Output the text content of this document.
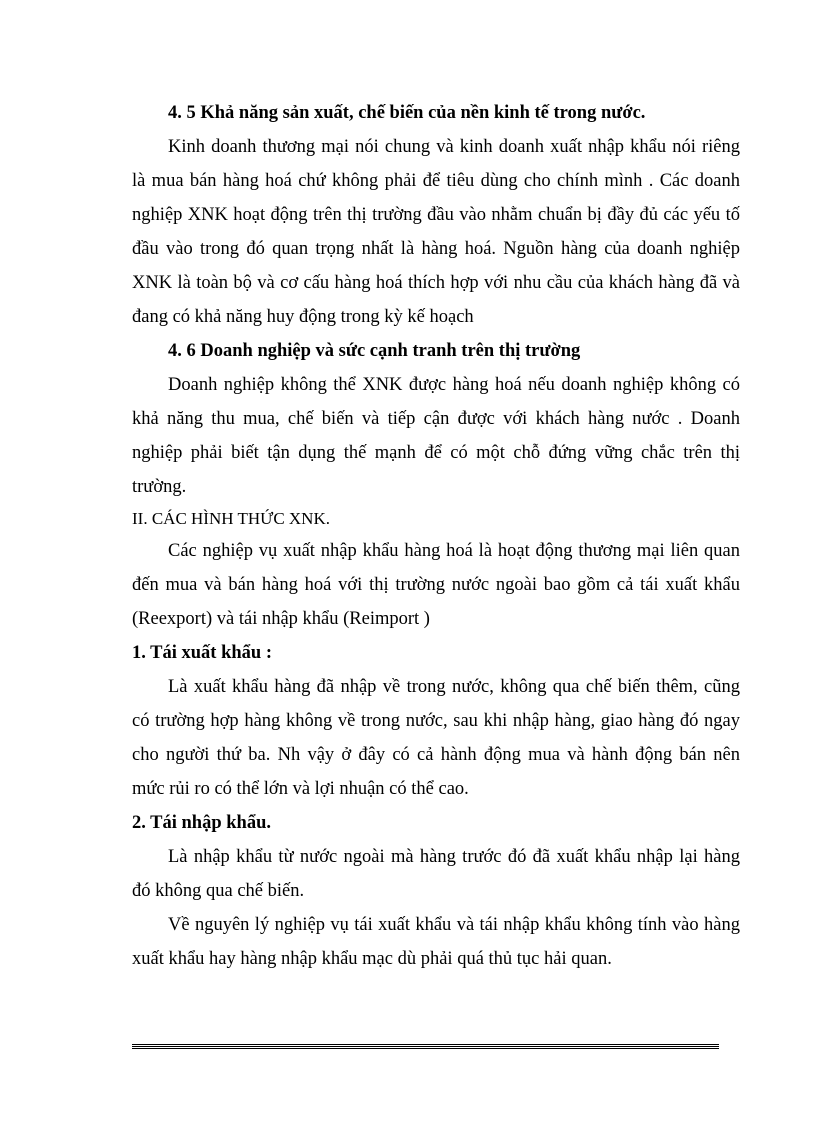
4. 5 Khả năng sản xuất, chế biến của nền kinh tế trong nước.

Kinh doanh thương mại nói chung và kinh doanh xuất nhập khẩu nói riêng
là mua bán hàng hoá chứ không phải để tiêu dùng cho chính mình . Các doanh
nghiệp XNK hoạt động trên thị trường đầu vào nhằm chuẩn bị đầy đủ các yếu tố
đầu vào trong đó quan trọng nhất là hàng hoá. Nguồn hàng của doanh nghiệp
XNK là toàn bộ và cơ cấu hàng hoá thích hợp với nhu cầu của khách hàng đã và
đang có khả năng huy động trong kỳ kế hoạch

4. 6 Doanh nghiệp và sức cạnh tranh trên thị trường

Doanh nghiệp không thể XNK được hàng hoá nếu doanh nghiệp không có
khả năng thu mua, chế biến và tiếp cận được với khách hàng nước . Doanh
nghiệp phải biết tận dụng thế mạnh để có một chỗ đứng vững chắc trên thị
trường.

II. CÁC HÌNH THỨC XNK.

Các nghiệp vụ xuất nhập khẩu hàng hoá là hoạt động thương mại liên quan
đến mua và bán hàng hoá với thị trường nước ngoài bao gồm cả tái xuất khẩu
(Reexport) và tái nhập khẩu (Reimport )

1. Tái xuất khẩu :

Là xuất khẩu hàng đã nhập về trong nước, không qua chế biến thêm, cũng
có trường hợp hàng không về trong nước, sau khi nhập hàng, giao hàng đó ngay
cho người thứ ba. Nh vậy ở đây có cả hành động mua và hành động bán nên
mức rủi ro có thể lớn và lợi nhuận có thể cao.

2. Tái nhập khẩu.

Là nhập khẩu từ nước ngoài mà hàng trước đó đã xuất khẩu nhập lại hàng
đó không qua chế biến.
Về nguyên lý nghiệp vụ tái xuất khẩu và tái nhập khẩu không tính vào hàng
xuất khẩu hay hàng nhập khẩu mạc dù phải quá thủ tục hải quan.
